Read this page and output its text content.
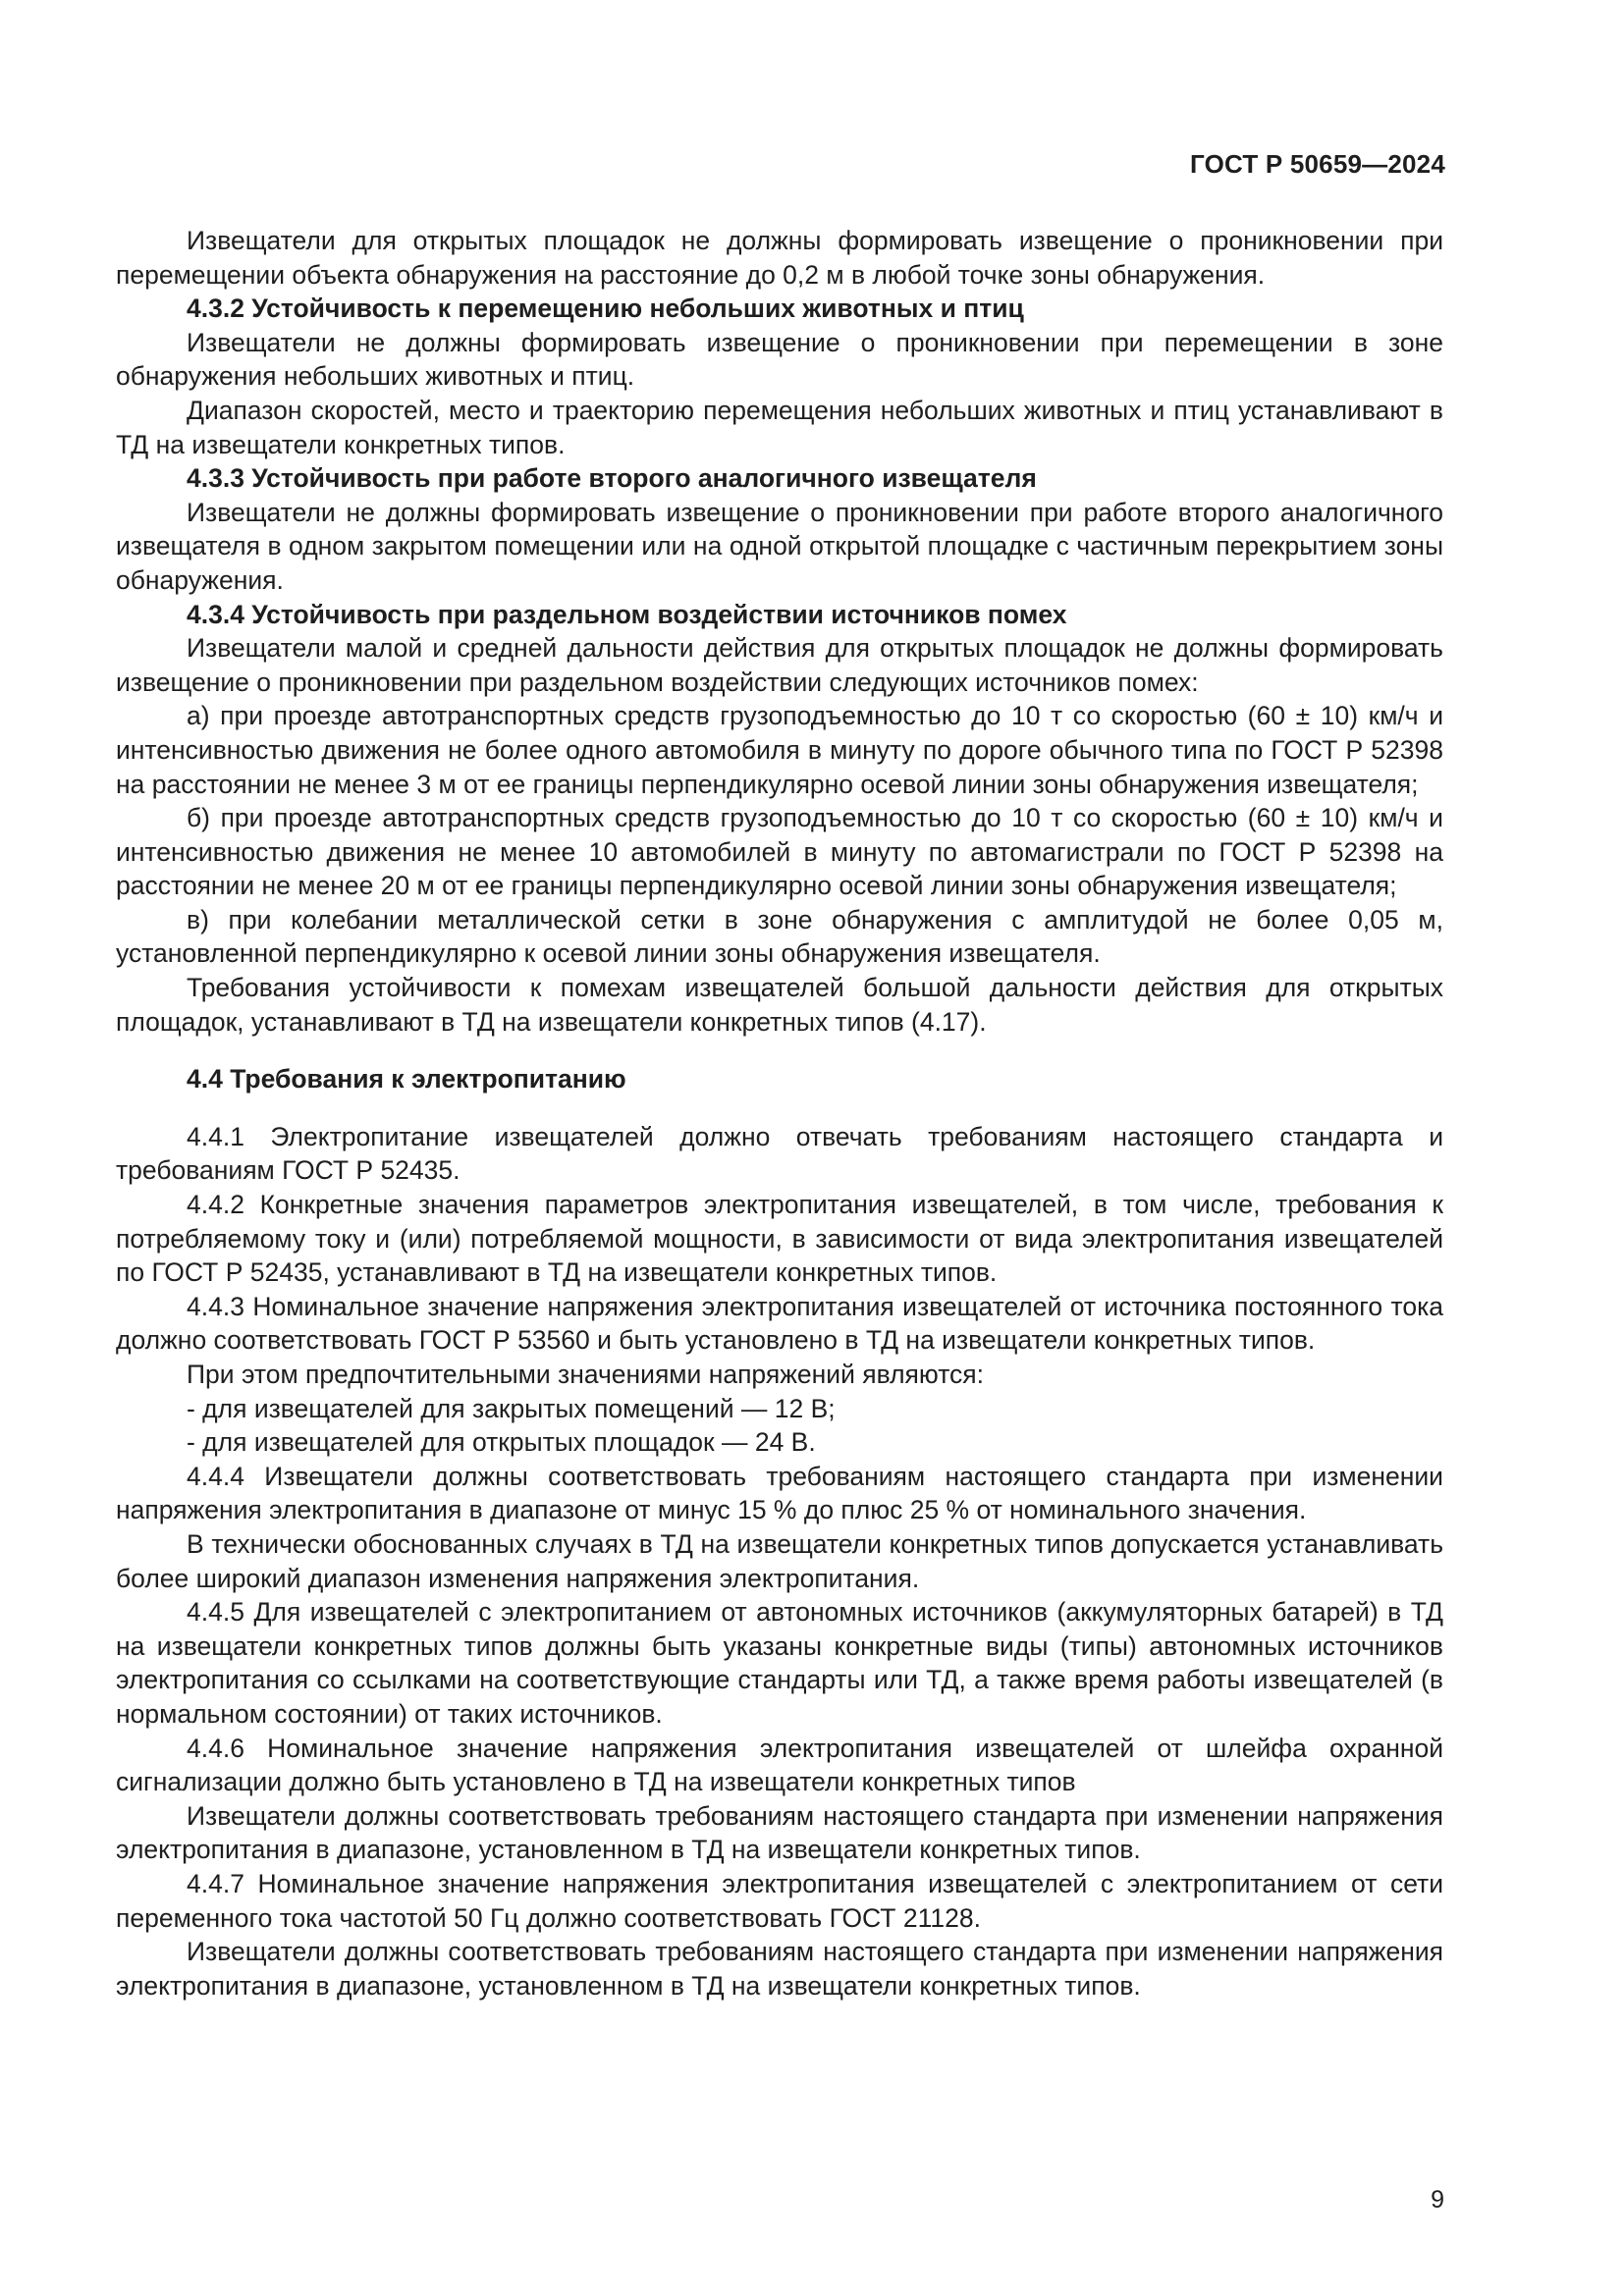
ГОСТ Р 50659—2024

Извещатели для открытых площадок не должны формировать извещение о проникновении при перемещении объекта обнаружения на расстояние до 0,2 м в любой точке зоны обнаружения.

4.3.2 Устойчивость к перемещению небольших животных и птиц

Извещатели не должны формировать извещение о проникновении при перемещении в зоне обнаружения небольших животных и птиц.

Диапазон скоростей, место и траекторию перемещения небольших животных и птиц устанавливают в ТД на извещатели конкретных типов.

4.3.3 Устойчивость при работе второго аналогичного извещателя

Извещатели не должны формировать извещение о проникновении при работе второго аналогичного извещателя в одном закрытом помещении или на одной открытой площадке с частичным перекрытием зоны обнаружения.

4.3.4 Устойчивость при раздельном воздействии источников помех

Извещатели малой и средней дальности действия для открытых площадок не должны формировать извещение о проникновении при раздельном воздействии следующих источников помех:

а) при проезде автотранспортных средств грузоподъемностью до 10 т со скоростью (60 ± 10) км/ч и интенсивностью движения не более одного автомобиля в минуту по дороге обычного типа по ГОСТ Р 52398 на расстоянии не менее 3 м от ее границы перпендикулярно осевой линии зоны обнаружения извещателя;

б) при проезде автотранспортных средств грузоподъемностью до 10 т со скоростью (60 ± 10) км/ч и интенсивностью движения не менее 10 автомобилей в минуту по автомагистрали по ГОСТ Р 52398 на расстоянии не менее 20 м от ее границы перпендикулярно осевой линии зоны обнаружения извещателя;

в) при колебании металлической сетки в зоне обнаружения с амплитудой не более 0,05 м, установленной перпендикулярно к осевой линии зоны обнаружения извещателя.

Требования устойчивости к помехам извещателей большой дальности действия для открытых площадок, устанавливают в ТД на извещатели конкретных типов (4.17).

4.4 Требования к электропитанию

4.4.1 Электропитание извещателей должно отвечать требованиям настоящего стандарта и требованиям ГОСТ Р 52435.

4.4.2 Конкретные значения параметров электропитания извещателей, в том числе, требования к потребляемому току и (или) потребляемой мощности, в зависимости от вида электропитания извещателей по ГОСТ Р 52435, устанавливают в ТД на извещатели конкретных типов.

4.4.3 Номинальное значение напряжения электропитания извещателей от источника постоянного тока должно соответствовать ГОСТ Р 53560 и быть установлено в ТД на извещатели конкретных типов.

При этом предпочтительными значениями напряжений являются:

- для извещателей для закрытых помещений — 12 В;

- для извещателей для открытых площадок — 24 В.

4.4.4 Извещатели должны соответствовать требованиям настоящего стандарта при изменении напряжения электропитания в диапазоне от минус 15 % до плюс 25 % от номинального значения.

В технически обоснованных случаях в ТД на извещатели конкретных типов допускается устанавливать более широкий диапазон изменения напряжения электропитания.

4.4.5 Для извещателей с электропитанием от автономных источников (аккумуляторных батарей) в ТД на извещатели конкретных типов должны быть указаны конкретные виды (типы) автономных источников электропитания со ссылками на соответствующие стандарты или ТД, а также время работы извещателей (в нормальном состоянии) от таких источников.

4.4.6 Номинальное значение напряжения электропитания извещателей от шлейфа охранной сигнализации должно быть установлено в ТД на извещатели конкретных типов

Извещатели должны соответствовать требованиям настоящего стандарта при изменении напряжения электропитания в диапазоне, установленном в ТД на извещатели конкретных типов.

4.4.7 Номинальное значение напряжения электропитания извещателей с электропитанием от сети переменного тока частотой 50 Гц должно соответствовать ГОСТ 21128.

Извещатели должны соответствовать требованиям настоящего стандарта при изменении напряжения электропитания в диапазоне, установленном в ТД на извещатели конкретных типов.

9
